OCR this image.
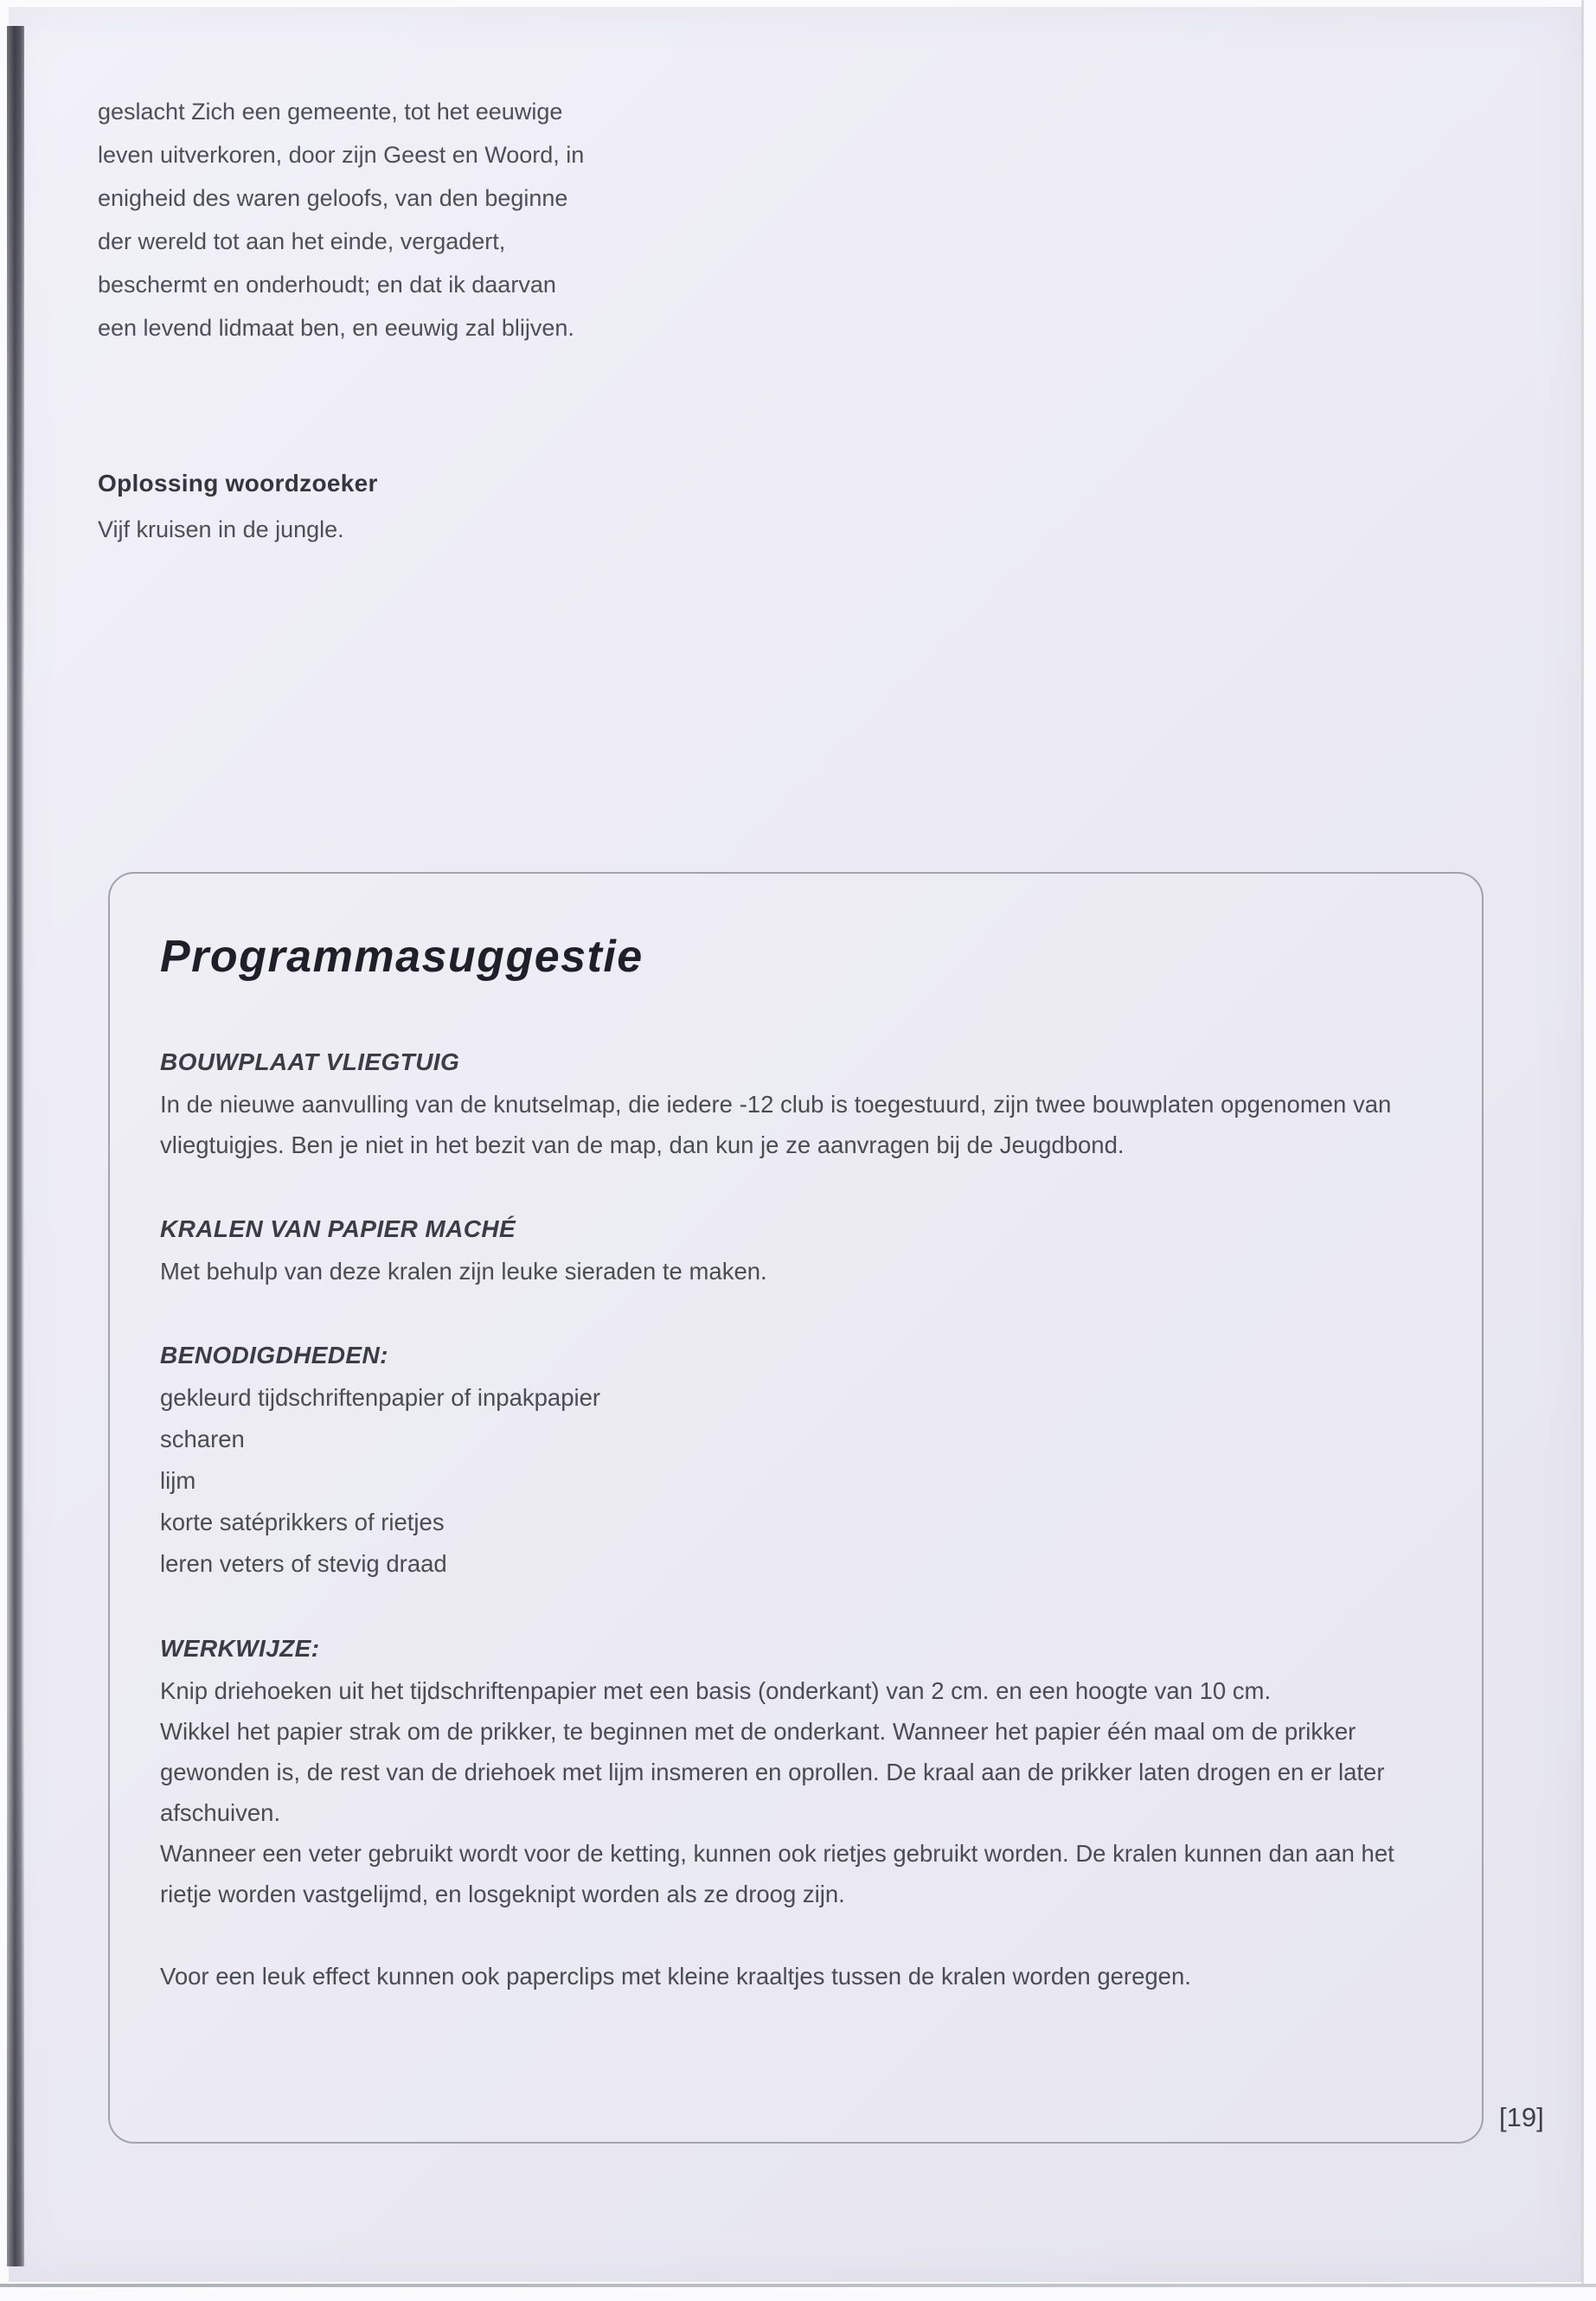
geslacht Zich een gemeente, tot het eeuwige
leven uitverkoren, door zijn Geest en Woord, in
enigheid des waren geloofs, van den beginne
der wereld tot aan het einde, vergadert,
beschermt en onderhoudt; en dat ik daarvan
een levend lidmaat ben, en eeuwig zal blijven.
Oplossing woordzoeker
Vijf kruisen in de jungle.
Programmasuggestie
BOUWPLAAT VLIEGTUIG
In de nieuwe aanvulling van de knutselmap, die iedere -12 club is toegestuurd, zijn twee bouwplaten opgenomen van vliegtuigjes. Ben je niet in het bezit van de map, dan kun je ze aanvragen bij de Jeugdbond.
KRALEN VAN PAPIER MACHÉ
Met behulp van deze kralen zijn leuke sieraden te maken.
BENODIGDHEDEN:
gekleurd tijdschriftenpapier of inpakpapier
scharen
lijm
korte satéprikkers of rietjes
leren veters of stevig draad
WERKWIJZE:
Knip driehoeken uit het tijdschriftenpapier met een basis (onderkant) van 2 cm. en een hoogte van 10 cm.
Wikkel het papier strak om de prikker, te beginnen met de onderkant. Wanneer het papier één maal om de prikker gewonden is, de rest van de driehoek met lijm insmeren en oprollen. De kraal aan de prikker laten drogen en er later afschuiven.
Wanneer een veter gebruikt wordt voor de ketting, kunnen ook rietjes gebruikt worden. De kralen kunnen dan aan het rietje worden vastgelijmd, en losgeknipt worden als ze droog zijn.
Voor een leuk effect kunnen ook paperclips met kleine kraaltjes tussen de kralen worden geregen.
[19]
